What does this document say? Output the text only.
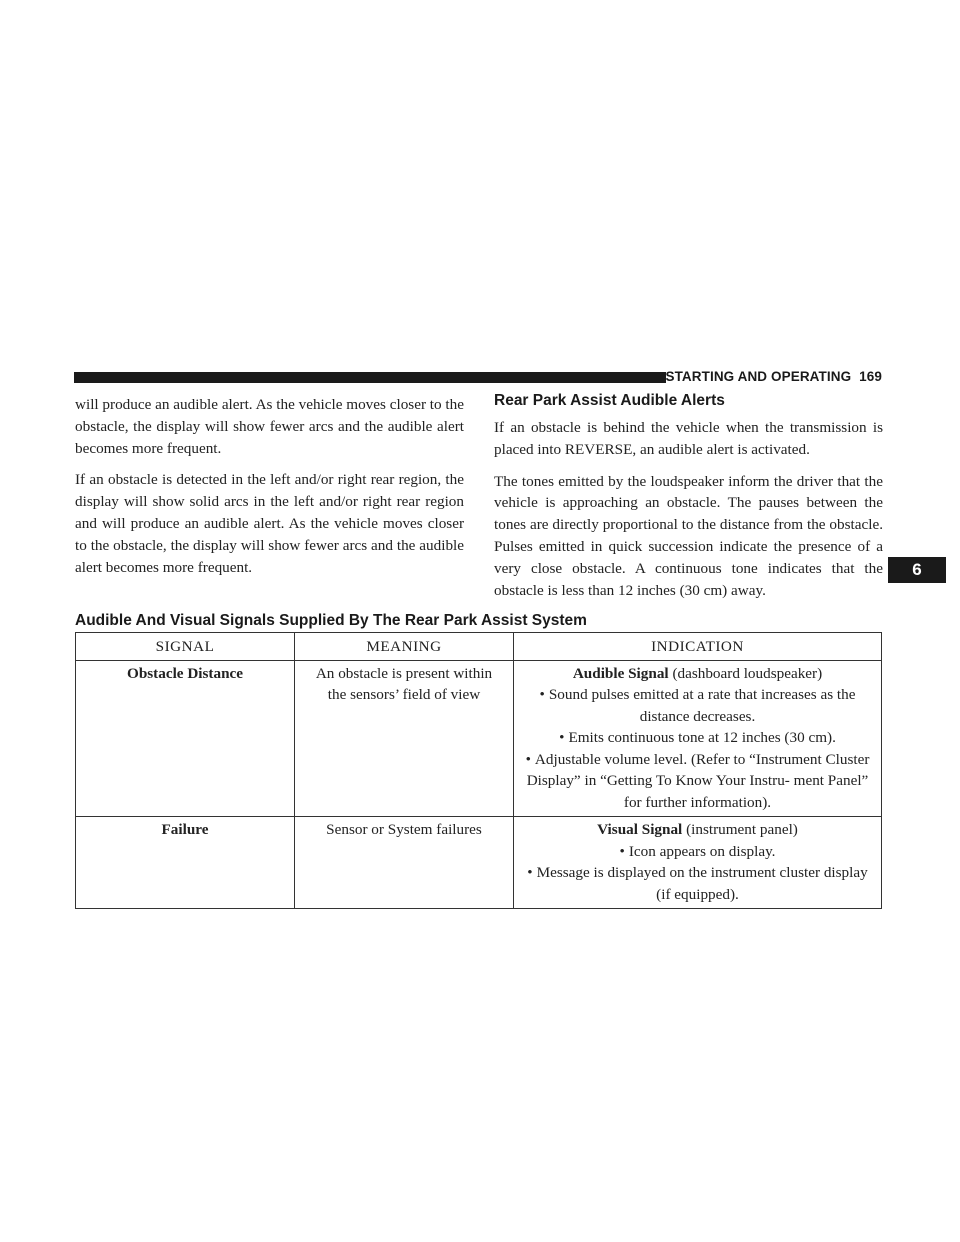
STARTING AND OPERATING 169

will produce an audible alert. As the vehicle moves closer to the obstacle, the display will show fewer arcs and the audible alert becomes more frequent.

If an obstacle is detected in the left and/or right rear region, the display will show solid arcs in the left and/or right rear region and will produce an audible alert. As the vehicle moves closer to the obstacle, the display will show fewer arcs and the audible alert becomes more frequent.

Rear Park Assist Audible Alerts

If an obstacle is behind the vehicle when the transmission is placed into REVERSE, an audible alert is activated.

The tones emitted by the loudspeaker inform the driver that the vehicle is approaching an obstacle. The pauses between the tones are directly proportional to the distance from the obstacle. Pulses emitted in quick succession indicate the presence of a very close obstacle. A continuous tone indicates that the obstacle is less than 12 inches (30 cm) away.

6
Audible And Visual Signals Supplied By The Rear Park Assist System
SIGNAL	MEANING	INDICATION
Obstacle Distance	An obstacle is present within the sensors’ field of view	Audible Signal (dashboard loudspeaker)
• Sound pulses emitted at a rate that increases as the distance decreases.
• Emits continuous tone at 12 inches (30 cm).
• Adjustable volume level. (Refer to “Instrument Cluster Display” in “Getting To Know Your Instru- ment Panel” for further information).

Failure	Sensor or System failures	Visual Signal (instrument panel)
• Icon appears on display.
• Message is displayed on the instrument cluster display (if equipped).
